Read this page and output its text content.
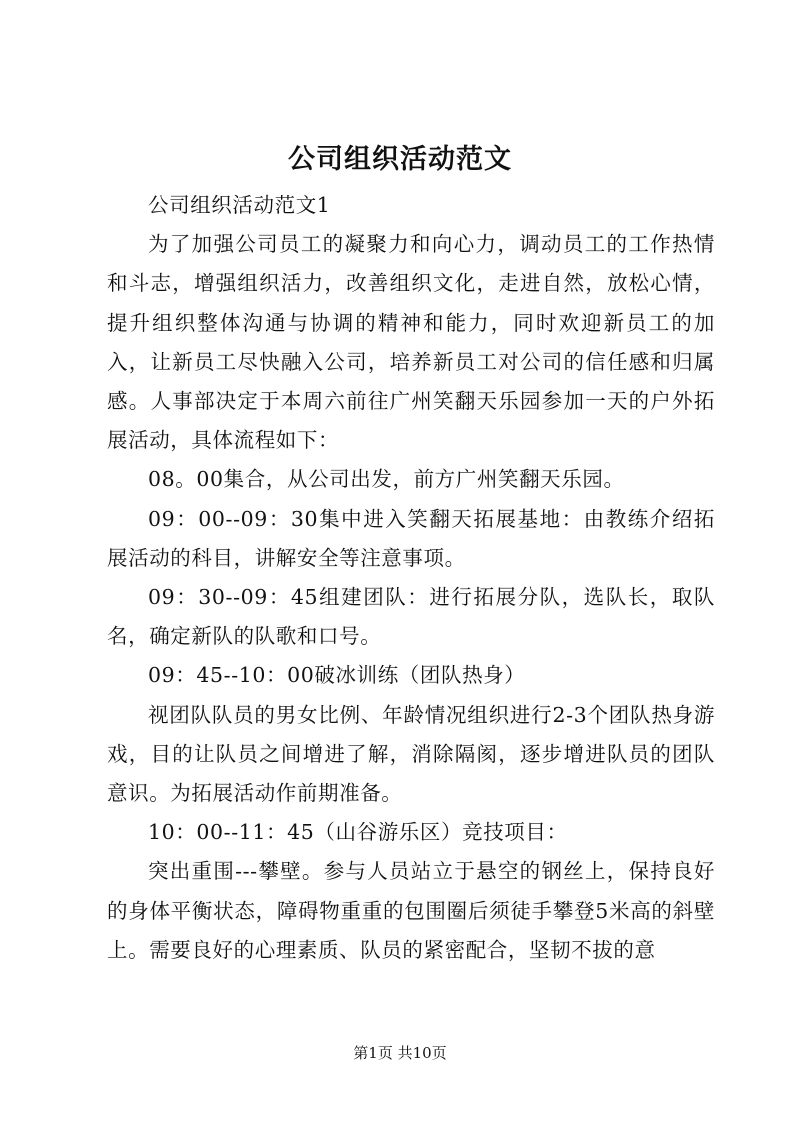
公司组织活动范文

公司组织活动范文1

为了加强公司员工的凝聚力和向心力，调动员工的工作热情和斗志，增强组织活力，改善组织文化，走进自然，放松心情，提升组织整体沟通与协调的精神和能力，同时欢迎新员工的加入，让新员工尽快融入公司，培养新员工对公司的信任感和归属感。人事部决定于本周六前往广州笑翻天乐园参加一天的户外拓展活动，具体流程如下：

08。00集合，从公司出发，前方广州笑翻天乐园。

09：00--09：30集中进入笑翻天拓展基地：由教练介绍拓展活动的科目，讲解安全等注意事项。

09：30--09：45组建团队：进行拓展分队，选队长，取队名，确定新队的队歌和口号。

09：45--10：00破冰训练（团队热身）

视团队队员的男女比例、年龄情况组织进行2-3个团队热身游戏，目的让队员之间增进了解，消除隔阂，逐步增进队员的团队意识。为拓展活动作前期准备。

10：00--11：45（山谷游乐区）竞技项目：

突出重围---攀壁。参与人员站立于悬空的钢丝上，保持良好的身体平衡状态，障碍物重重的包围圈后须徒手攀登5米高的斜壁上。需要良好的心理素质、队员的紧密配合，坚韧不拔的意

第1页 共10页
